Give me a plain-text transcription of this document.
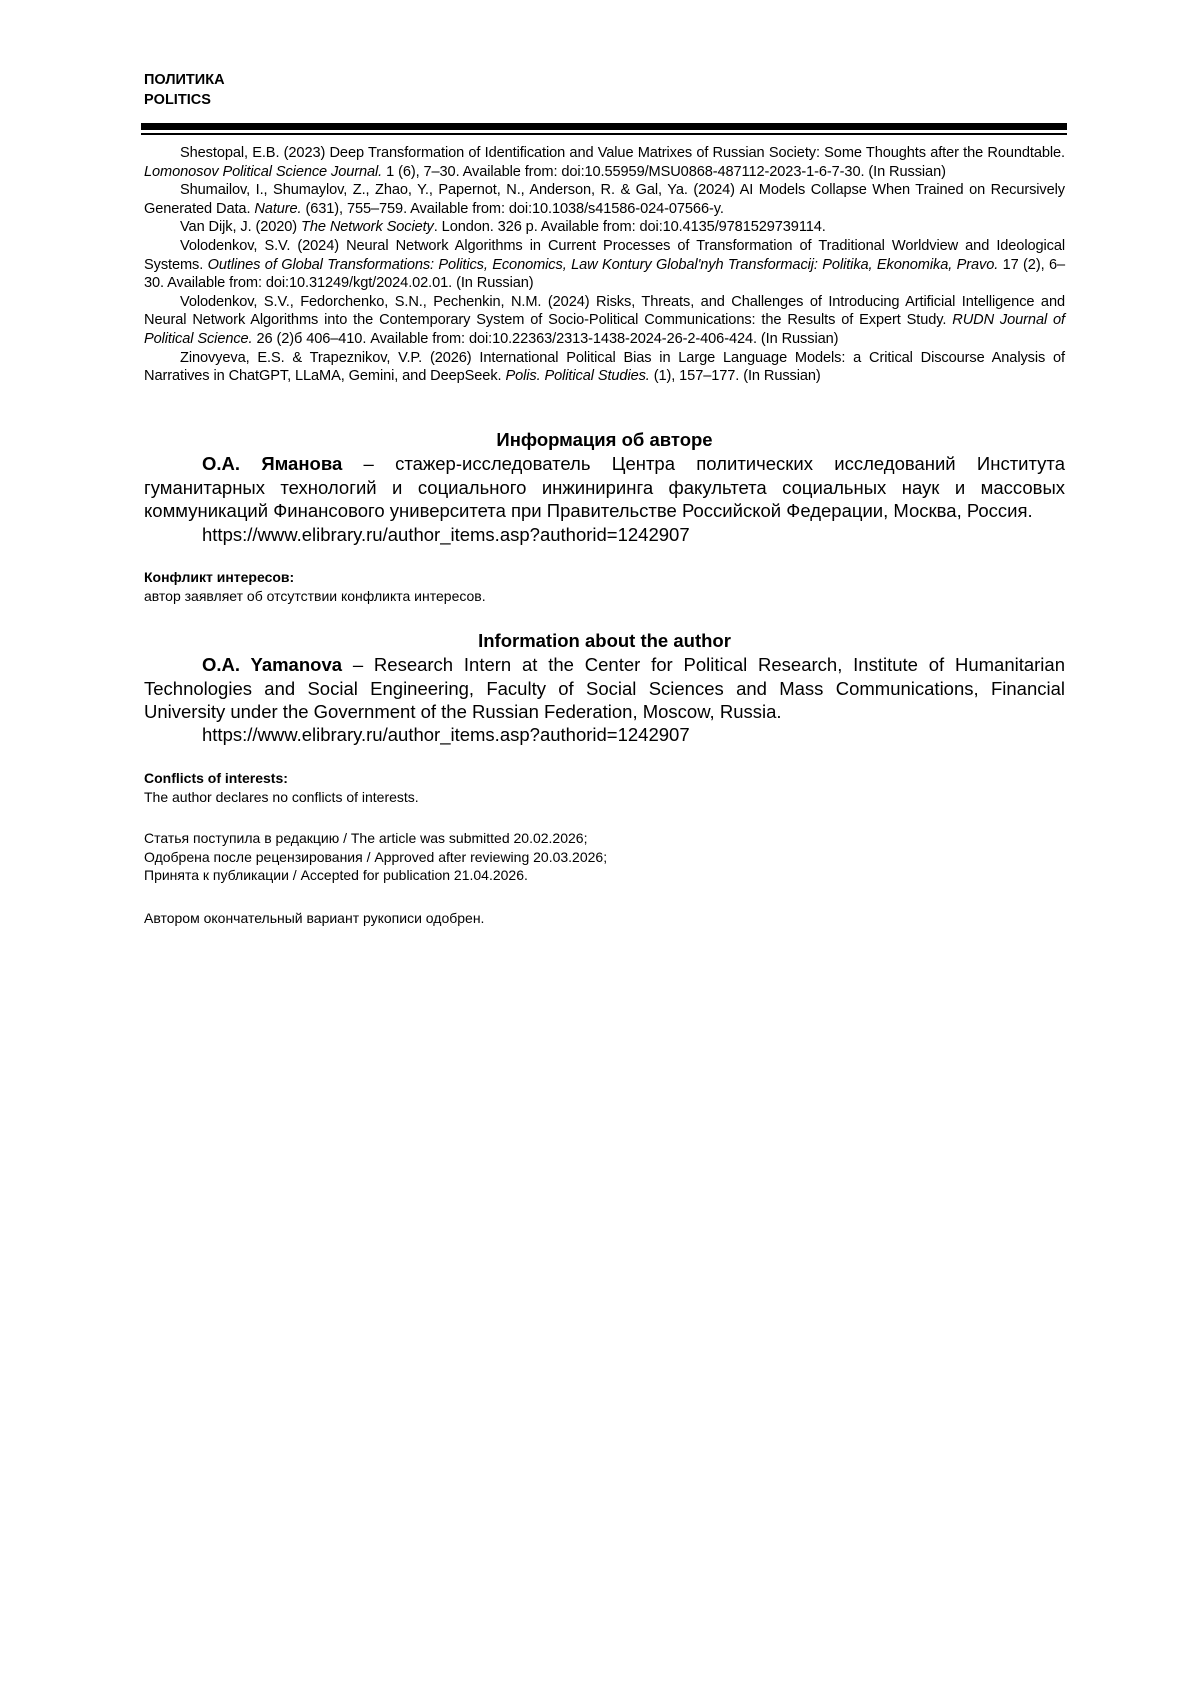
ПОЛИТИКА
POLITICS

Shestopal, E.B. (2023) Deep Transformation of Identification and Value Matrixes of Russian Society: Some Thoughts after the Roundtable. Lomonosov Political Science Journal. 1 (6), 7–30. Available from: doi:10.55959/MSU0868-487112-2023-1-6-7-30. (In Russian)

Shumailov, I., Shumaylov, Z., Zhao, Y., Papernot, N., Anderson, R. & Gal, Ya. (2024) AI Models Collapse When Trained on Recursively Generated Data. Nature. (631), 755–759. Available from: doi:10.1038/s41586-024-07566-y.

Van Dijk, J. (2020) The Network Society. London. 326 p. Available from: doi:10.4135/9781529739114.

Volodenkov, S.V. (2024) Neural Network Algorithms in Current Processes of Transformation of Traditional Worldview and Ideological Systems. Outlines of Global Transformations: Politics, Economics, Law Kontury Global'nyh Transformacij: Politika, Ekonomika, Pravo. 17 (2), 6–30. Available from: doi:10.31249/kgt/2024.02.01. (In Russian)

Volodenkov, S.V., Fedorchenko, S.N., Pechenkin, N.M. (2024) Risks, Threats, and Challenges of Introducing Artificial Intelligence and Neural Network Algorithms into the Contemporary System of Socio-Political Communications: the Results of Expert Study. RUDN Journal of Political Science. 26 (2)б 406–410. Available from: doi:10.22363/2313-1438-2024-26-2-406-424. (In Russian)

Zinovyeva, E.S. & Trapeznikov, V.P. (2026) International Political Bias in Large Language Models: a Critical Discourse Analysis of Narratives in ChatGPT, LLaMA, Gemini, and DeepSeek. Polis. Political Studies. (1), 157–177. (In Russian)

Информация об авторе

О.А. Яманова – стажер-исследователь Центра политических исследований Института гуманитарных технологий и социального инжиниринга факультета социальных наук и массовых коммуникаций Финансового университета при Правительстве Российской Федерации, Москва, Россия.

https://www.elibrary.ru/author_items.asp?authorid=1242907
Конфликт интересов:
автор заявляет об отсутствии конфликта интересов.
Information about the author

O.A. Yamanova – Research Intern at the Center for Political Research, Institute of Humanitarian Technologies and Social Engineering, Faculty of Social Sciences and Mass Communications, Financial University under the Government of the Russian Federation, Moscow, Russia.

https://www.elibrary.ru/author_items.asp?authorid=1242907
Conflicts of interests:
The author declares no conflicts of interests.
Статья поступила в редакцию / The article was submitted 20.02.2026;
Одобрена после рецензирования / Approved after reviewing 20.03.2026;
Принята к публикации / Accepted for publication 21.04.2026.
Автором окончательный вариант рукописи одобрен.
